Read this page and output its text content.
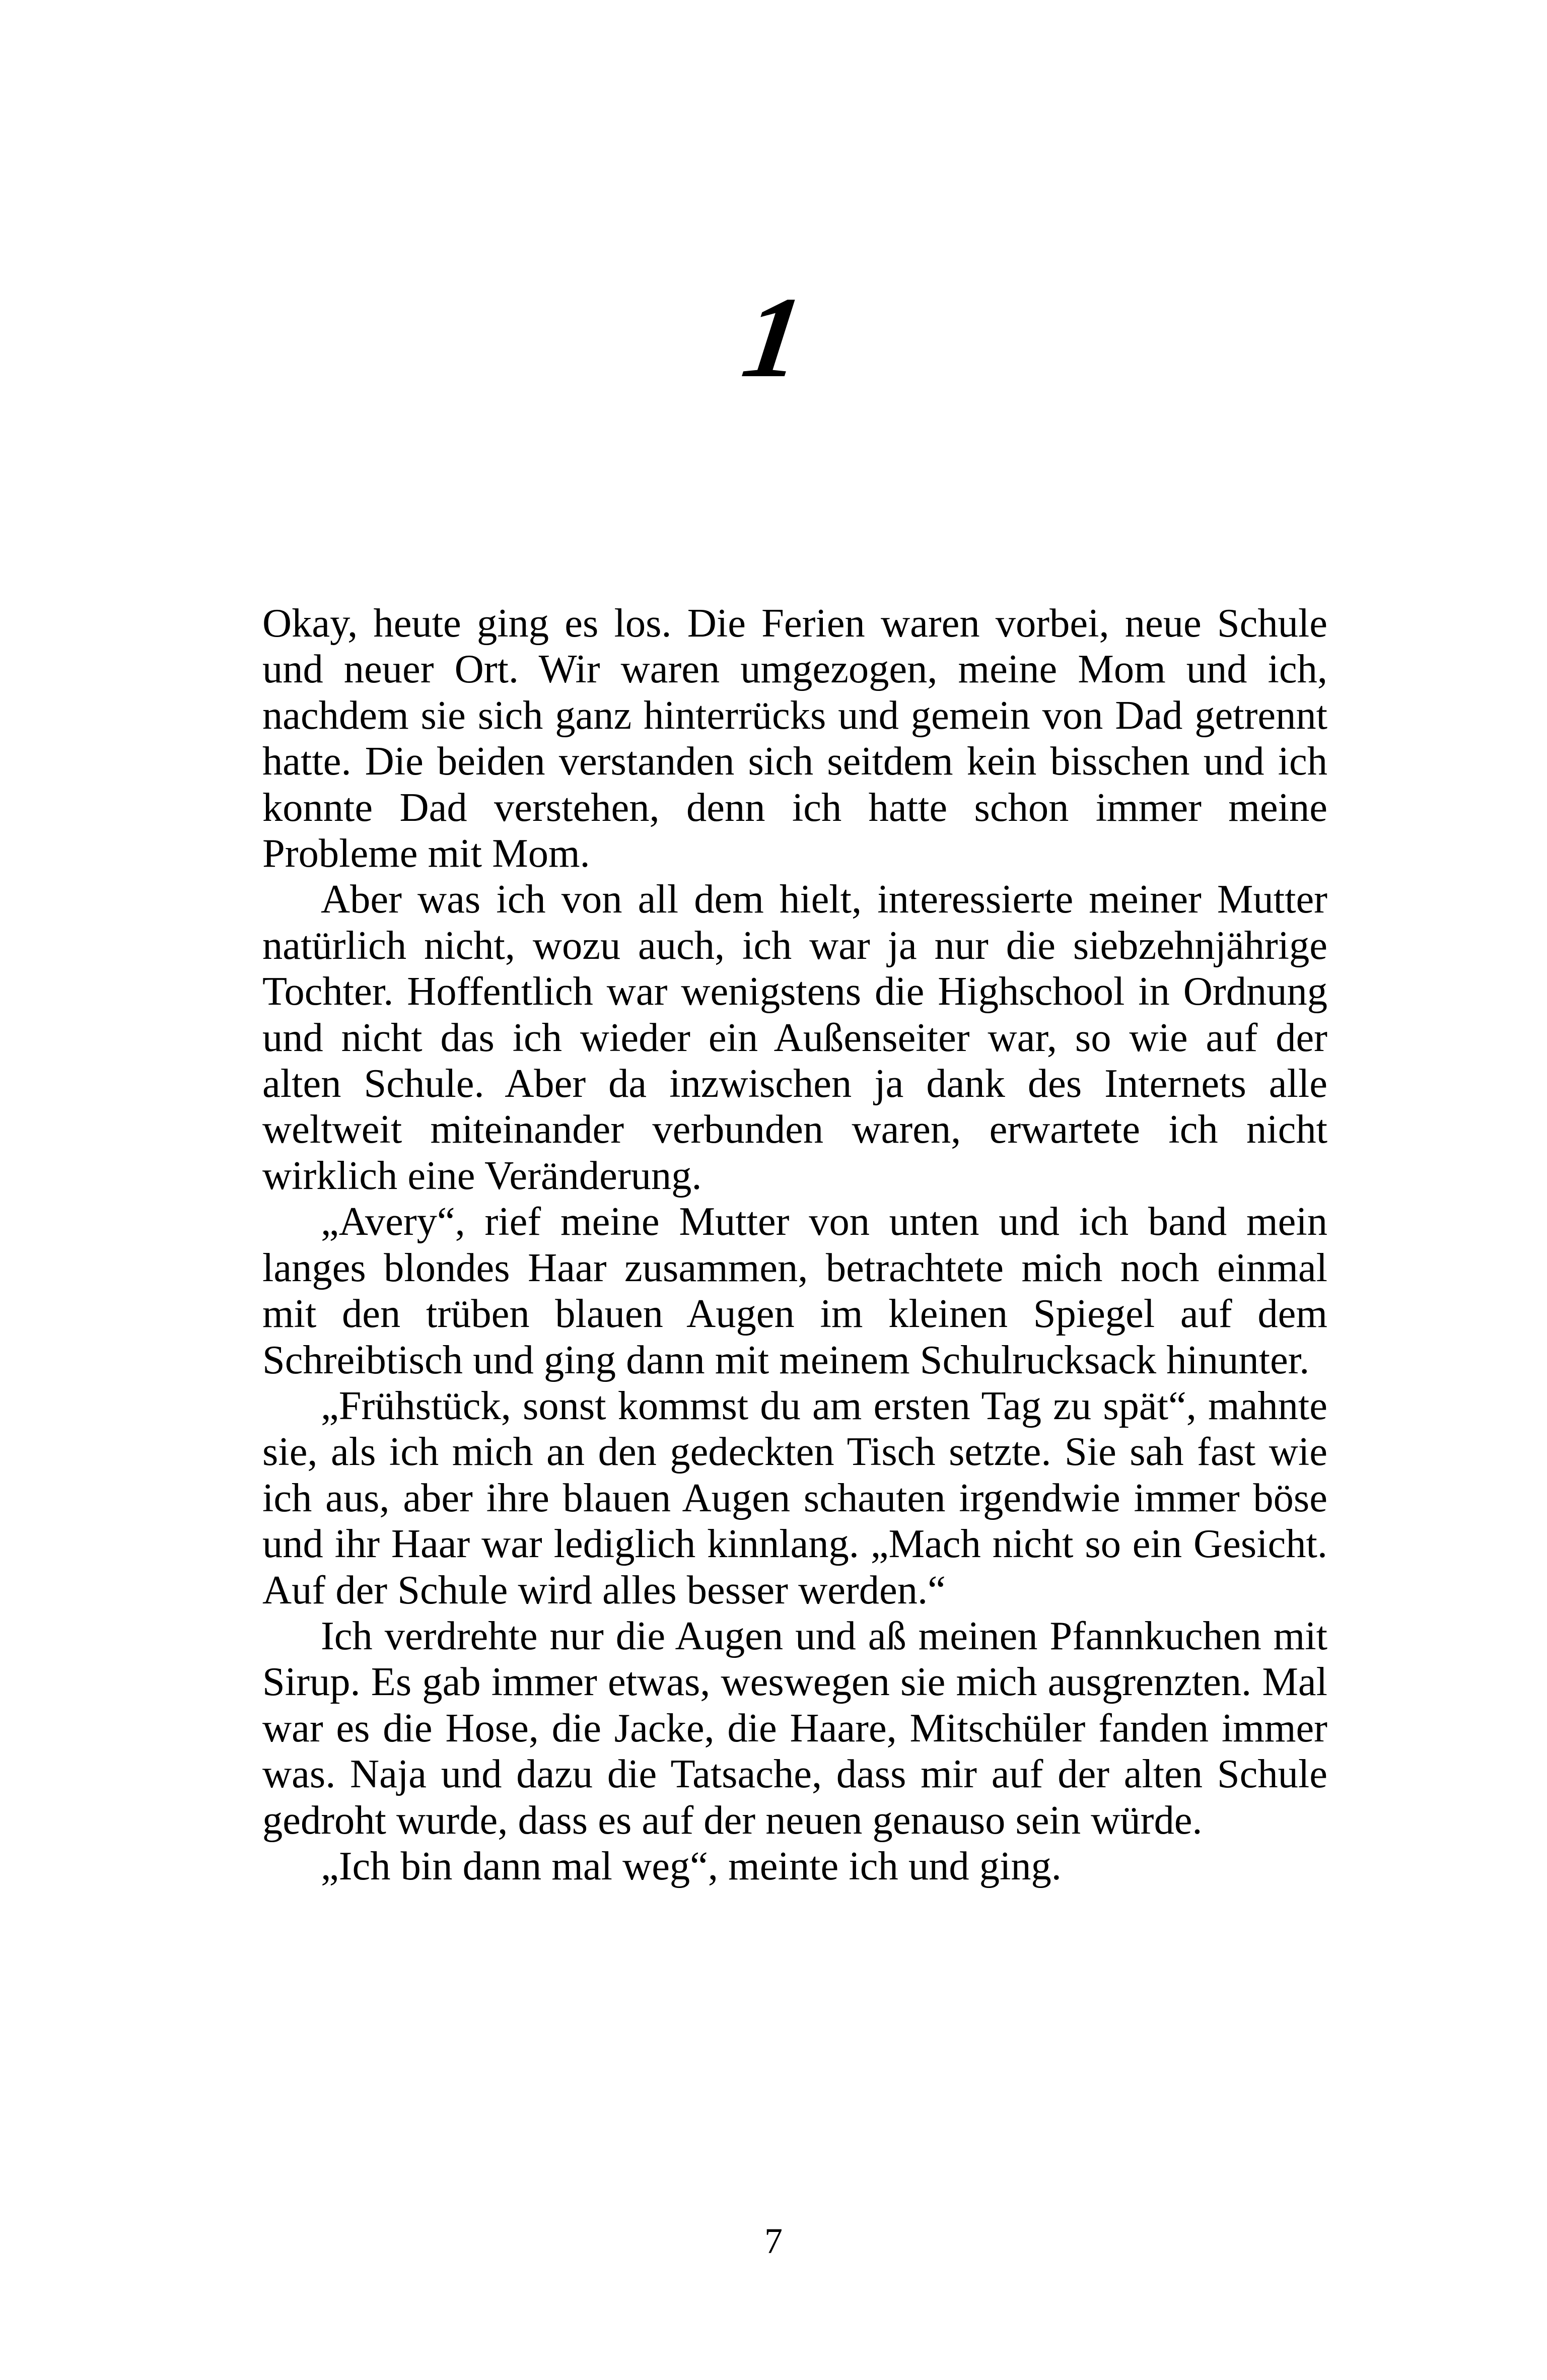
1

Okay, heute ging es los. Die Ferien waren vorbei, neue Schule und neuer Ort. Wir waren umgezogen, meine Mom und ich, nachdem sie sich ganz hinterrücks und gemein von Dad getrennt hatte. Die beiden verstanden sich seitdem kein bisschen und ich konnte Dad verstehen, denn ich hatte schon immer meine Probleme mit Mom.

Aber was ich von all dem hielt, interessierte meiner Mutter natürlich nicht, wozu auch, ich war ja nur die siebzehnjährige Tochter. Hoffentlich war wenigstens die Highschool in Ordnung und nicht das ich wieder ein Außenseiter war, so wie auf der alten Schule. Aber da inzwischen ja dank des Internets alle weltweit miteinander verbunden waren, erwartete ich nicht wirklich eine Veränderung.

„Avery“, rief meine Mutter von unten und ich band mein langes blondes Haar zusammen, betrachtete mich noch einmal mit den trüben blauen Augen im kleinen Spiegel auf dem Schreibtisch und ging dann mit meinem Schulrucksack hinunter.

„Frühstück, sonst kommst du am ersten Tag zu spät“, mahnte sie, als ich mich an den gedeckten Tisch setzte. Sie sah fast wie ich aus, aber ihre blauen Augen schauten irgendwie immer böse und ihr Haar war lediglich kinnlang. „Mach nicht so ein Gesicht. Auf der Schule wird alles besser werden.“

Ich verdrehte nur die Augen und aß meinen Pfannkuchen mit Sirup. Es gab immer etwas, weswegen sie mich ausgrenzten. Mal war es die Hose, die Jacke, die Haare, Mitschüler fanden immer was. Naja und dazu die Tatsache, dass mir auf der alten Schule gedroht wurde, dass es auf der neuen genauso sein würde.

„Ich bin dann mal weg“, meinte ich und ging.

7
